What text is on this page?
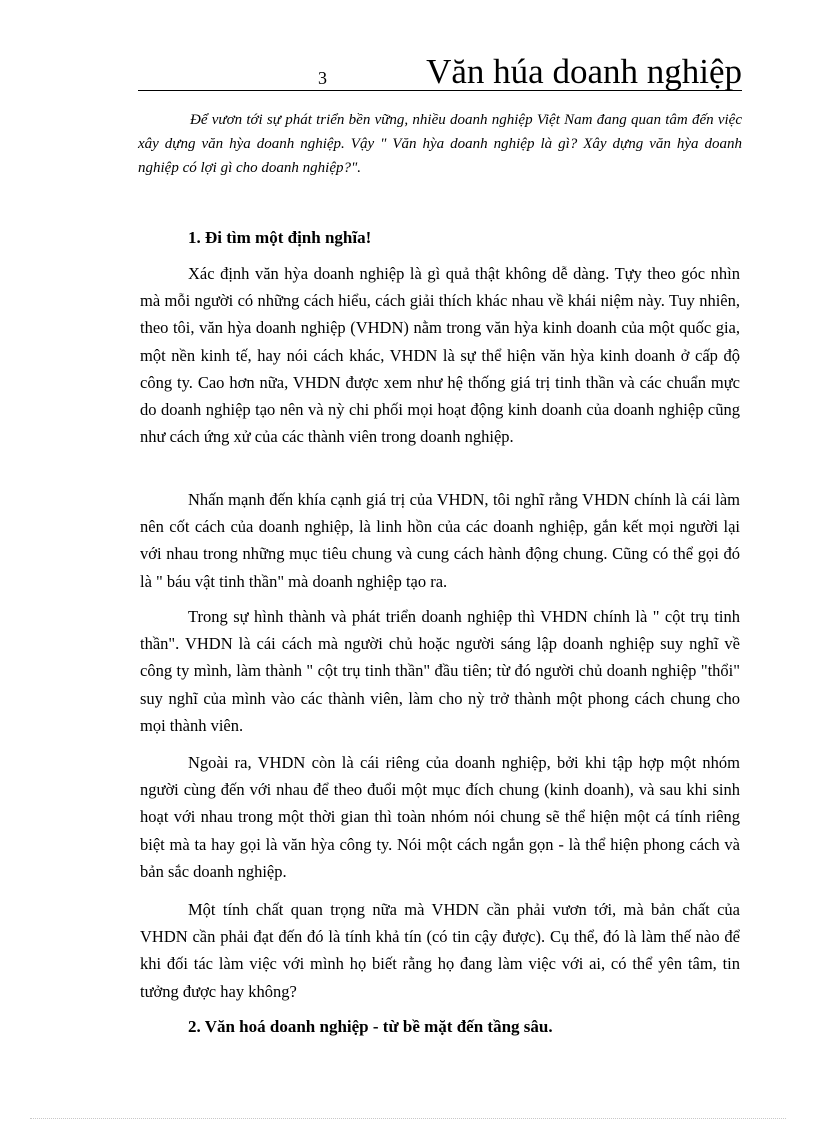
3	Văn húa doanh nghiệp

Để vươn tới sự phát triển bền vững, nhiều doanh nghiệp Việt Nam đang quan tâm đến việc xây dựng văn hỳa doanh nghiệp. Vậy " Văn hỳa doanh nghiệp là gì? Xây dựng văn hỳa doanh nghiệp có lợi gì cho doanh nghiệp?".

1. Đi tìm một định nghĩa!

Xác định văn hỳa doanh nghiệp là gì quả thật không dễ dàng. Tựy theo góc nhìn mà mỗi người có những cách hiểu, cách giải thích khác nhau về khái niệm này. Tuy nhiên, theo tôi, văn hỳa doanh nghiệp (VHDN) nằm trong văn hỳa kinh doanh của một quốc gia, một nền kinh tế, hay nói cách khác, VHDN là sự thể hiện văn hỳa kinh doanh ở cấp độ công ty. Cao hơn nữa, VHDN được xem như hệ thống giá trị tinh thần và các chuẩn mực do doanh nghiệp tạo nên và nỳ chi phối mọi hoạt động kinh doanh của doanh nghiệp cũng như cách ứng xử của các thành viên trong doanh nghiệp.

Nhấn mạnh đến khía cạnh giá trị của VHDN, tôi nghĩ rằng VHDN chính là cái làm nên cốt cách của doanh nghiệp, là linh hồn của các doanh nghiệp, gắn kết mọi người lại với nhau trong những mục tiêu chung và cung cách hành động chung. Cũng có thể gọi đó là " báu vật tinh thần" mà doanh nghiệp tạo ra.

Trong sự hình thành và phát triển doanh nghiệp thì VHDN chính là " cột trụ tinh thần". VHDN là cái cách mà người chủ hoặc người sáng lập doanh nghiệp suy nghĩ về công ty mình, làm thành " cột trụ tinh thần" đầu tiên; từ đó người chủ doanh nghiệp "thổi" suy nghĩ của mình vào các thành viên, làm cho nỳ trở thành một phong cách chung cho mọi thành viên.

Ngoài ra, VHDN còn là cái riêng của doanh nghiệp, bởi khi tập hợp một nhóm người cùng đến với nhau để theo đuổi một mục đích chung (kinh doanh), và sau khi sinh hoạt với nhau trong một thời gian thì toàn nhóm nói chung sẽ thể hiện một cá tính riêng biệt mà ta hay gọi là văn hỳa công ty. Nói một cách ngắn gọn - là thể hiện phong cách và bản sắc doanh nghiệp.

Một tính chất quan trọng nữa mà VHDN cần phải vươn tới, mà bản chất của VHDN cần phải đạt đến đó là tính khả tín (có tin cậy được). Cụ thể, đó là làm thế nào để khi đối tác làm việc với mình họ biết rằng họ đang làm việc với ai, có thể yên tâm, tin tưởng được hay không?

2. Văn hoá doanh nghiệp - từ bề mặt đến tầng sâu.
